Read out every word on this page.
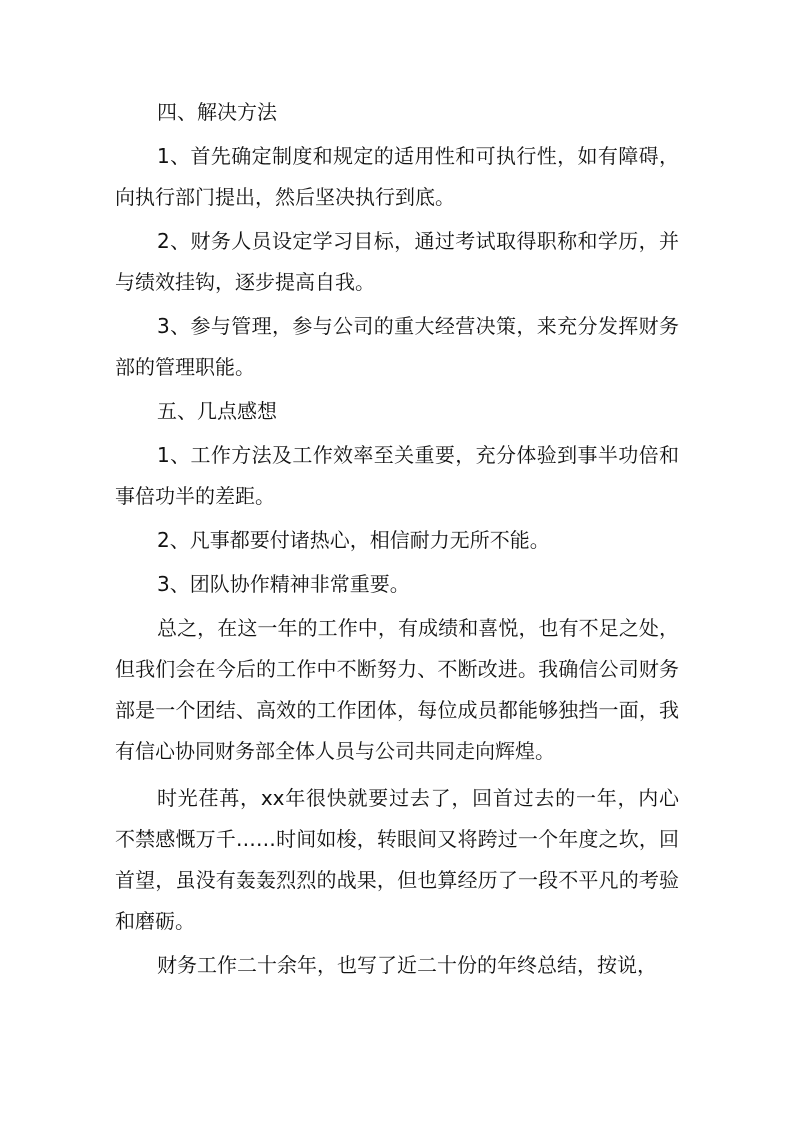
四、解决方法

1、首先确定制度和规定的适用性和可执行性，如有障碍，向执行部门提出，然后坚决执行到底。

2、财务人员设定学习目标，通过考试取得职称和学历，并与绩效挂钩，逐步提高自我。

3、参与管理，参与公司的重大经营决策，来充分发挥财务部的管理职能。

五、几点感想

1、工作方法及工作效率至关重要，充分体验到事半功倍和事倍功半的差距。

2、凡事都要付诸热心，相信耐力无所不能。

3、团队协作精神非常重要。

总之，在这一年的工作中，有成绩和喜悦，也有不足之处，但我们会在今后的工作中不断努力、不断改进。我确信公司财务部是一个团结、高效的工作团体，每位成员都能够独挡一面，我有信心协同财务部全体人员与公司共同走向辉煌。

时光荏苒，xx年很快就要过去了，回首过去的一年，内心不禁感慨万千……时间如梭，转眼间又将跨过一个年度之坎，回首望，虽没有轰轰烈烈的战果，但也算经历了一段不平凡的考验和磨砺。

财务工作二十余年，也写了近二十份的年终总结，按说，
